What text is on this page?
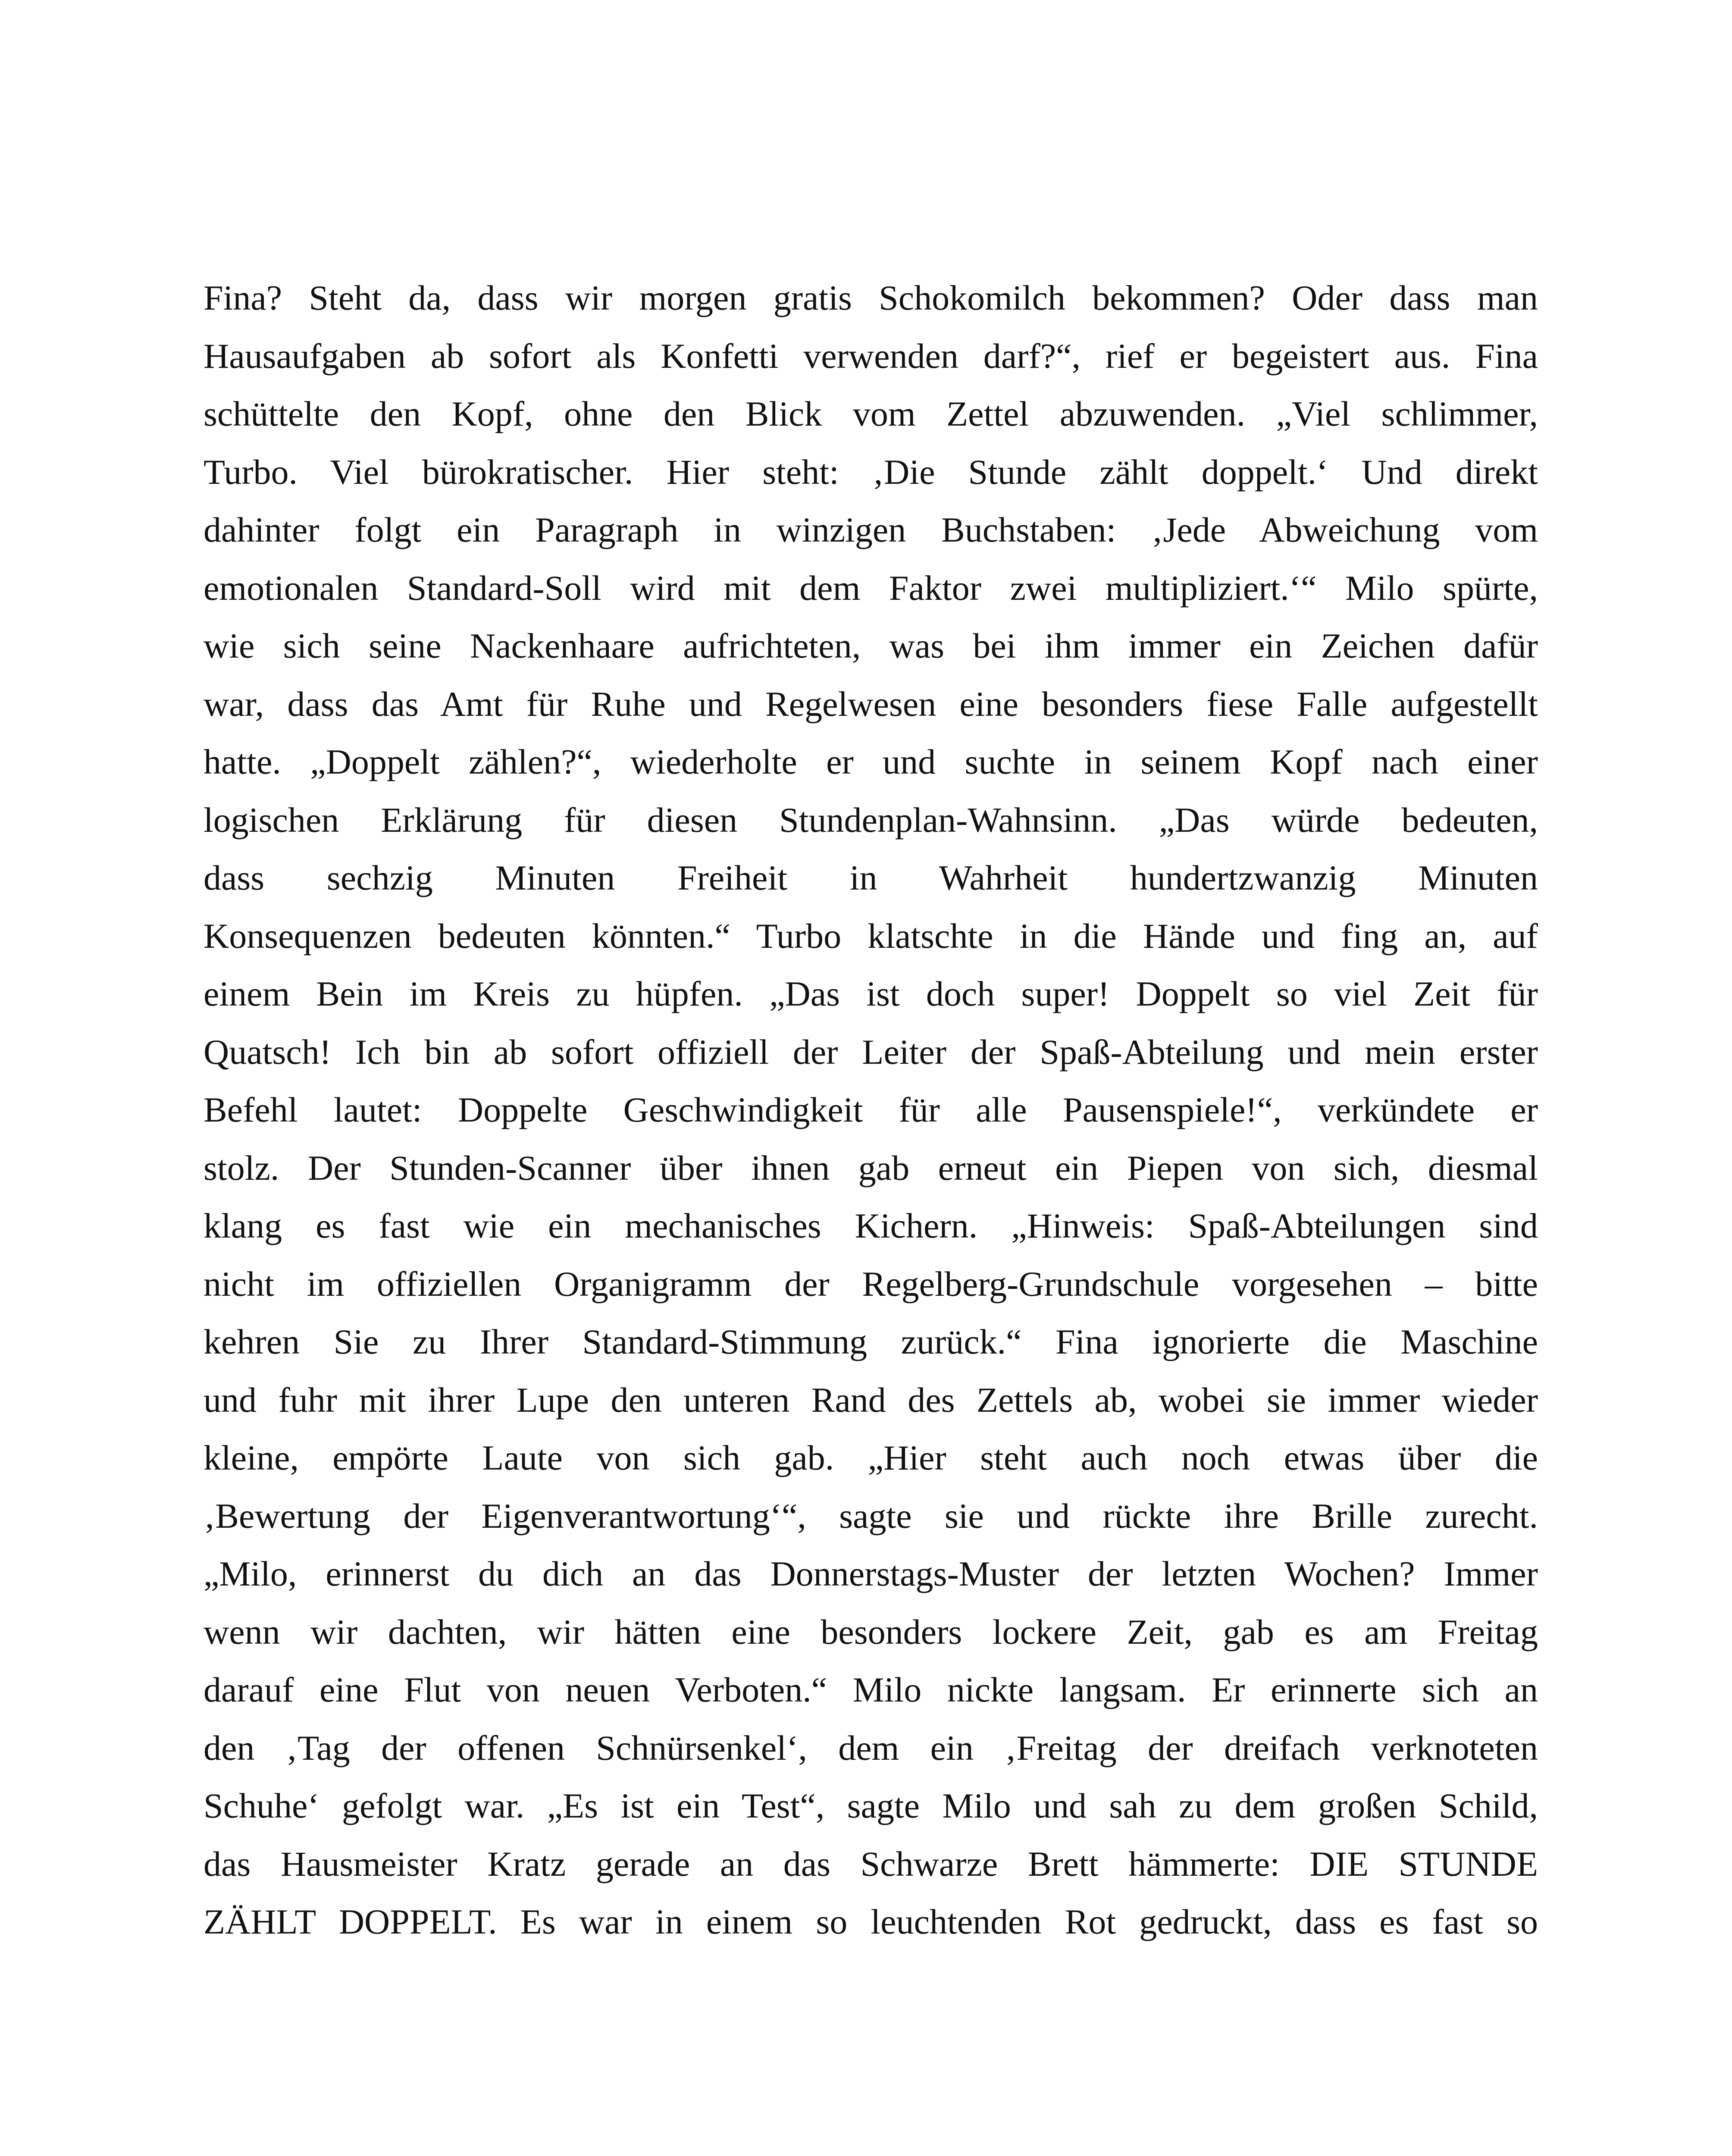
Fina? Steht da, dass wir morgen gratis Schokomilch bekommen? Oder dass man
Hausaufgaben ab sofort als Konfetti verwenden darf?“, rief er begeistert aus. Fina
schüttelte den Kopf, ohne den Blick vom Zettel abzuwenden. „Viel schlimmer,
Turbo. Viel bürokratischer. Hier steht: ‚Die Stunde zählt doppelt.‘ Und direkt
dahinter folgt ein Paragraph in winzigen Buchstaben: ‚Jede Abweichung vom
emotionalen Standard-Soll wird mit dem Faktor zwei multipliziert.‘“ Milo spürte,
wie sich seine Nackenhaare aufrichteten, was bei ihm immer ein Zeichen dafür
war, dass das Amt für Ruhe und Regelwesen eine besonders fiese Falle aufgestellt
hatte. „Doppelt zählen?“, wiederholte er und suchte in seinem Kopf nach einer
logischen Erklärung für diesen Stundenplan-Wahnsinn. „Das würde bedeuten,
dass sechzig Minuten Freiheit in Wahrheit hundertzwanzig Minuten
Konsequenzen bedeuten könnten.“ Turbo klatschte in die Hände und fing an, auf
einem Bein im Kreis zu hüpfen. „Das ist doch super! Doppelt so viel Zeit für
Quatsch! Ich bin ab sofort offiziell der Leiter der Spaß-Abteilung und mein erster
Befehl lautet: Doppelte Geschwindigkeit für alle Pausenspiele!“, verkündete er
stolz. Der Stunden-Scanner über ihnen gab erneut ein Piepen von sich, diesmal
klang es fast wie ein mechanisches Kichern. „Hinweis: Spaß-Abteilungen sind
nicht im offiziellen Organigramm der Regelberg-Grundschule vorgesehen – bitte
kehren Sie zu Ihrer Standard-Stimmung zurück.“ Fina ignorierte die Maschine
und fuhr mit ihrer Lupe den unteren Rand des Zettels ab, wobei sie immer wieder
kleine, empörte Laute von sich gab. „Hier steht auch noch etwas über die
‚Bewertung der Eigenverantwortung‘“, sagte sie und rückte ihre Brille zurecht.
„Milo, erinnerst du dich an das Donnerstags-Muster der letzten Wochen? Immer
wenn wir dachten, wir hätten eine besonders lockere Zeit, gab es am Freitag
darauf eine Flut von neuen Verboten.“ Milo nickte langsam. Er erinnerte sich an
den ‚Tag der offenen Schnürsenkel‘, dem ein ‚Freitag der dreifach verknoteten
Schuhe‘ gefolgt war. „Es ist ein Test“, sagte Milo und sah zu dem großen Schild,
das Hausmeister Kratz gerade an das Schwarze Brett hämmerte: DIE STUNDE
ZÄHLT DOPPELT. Es war in einem so leuchtenden Rot gedruckt, dass es fast so
